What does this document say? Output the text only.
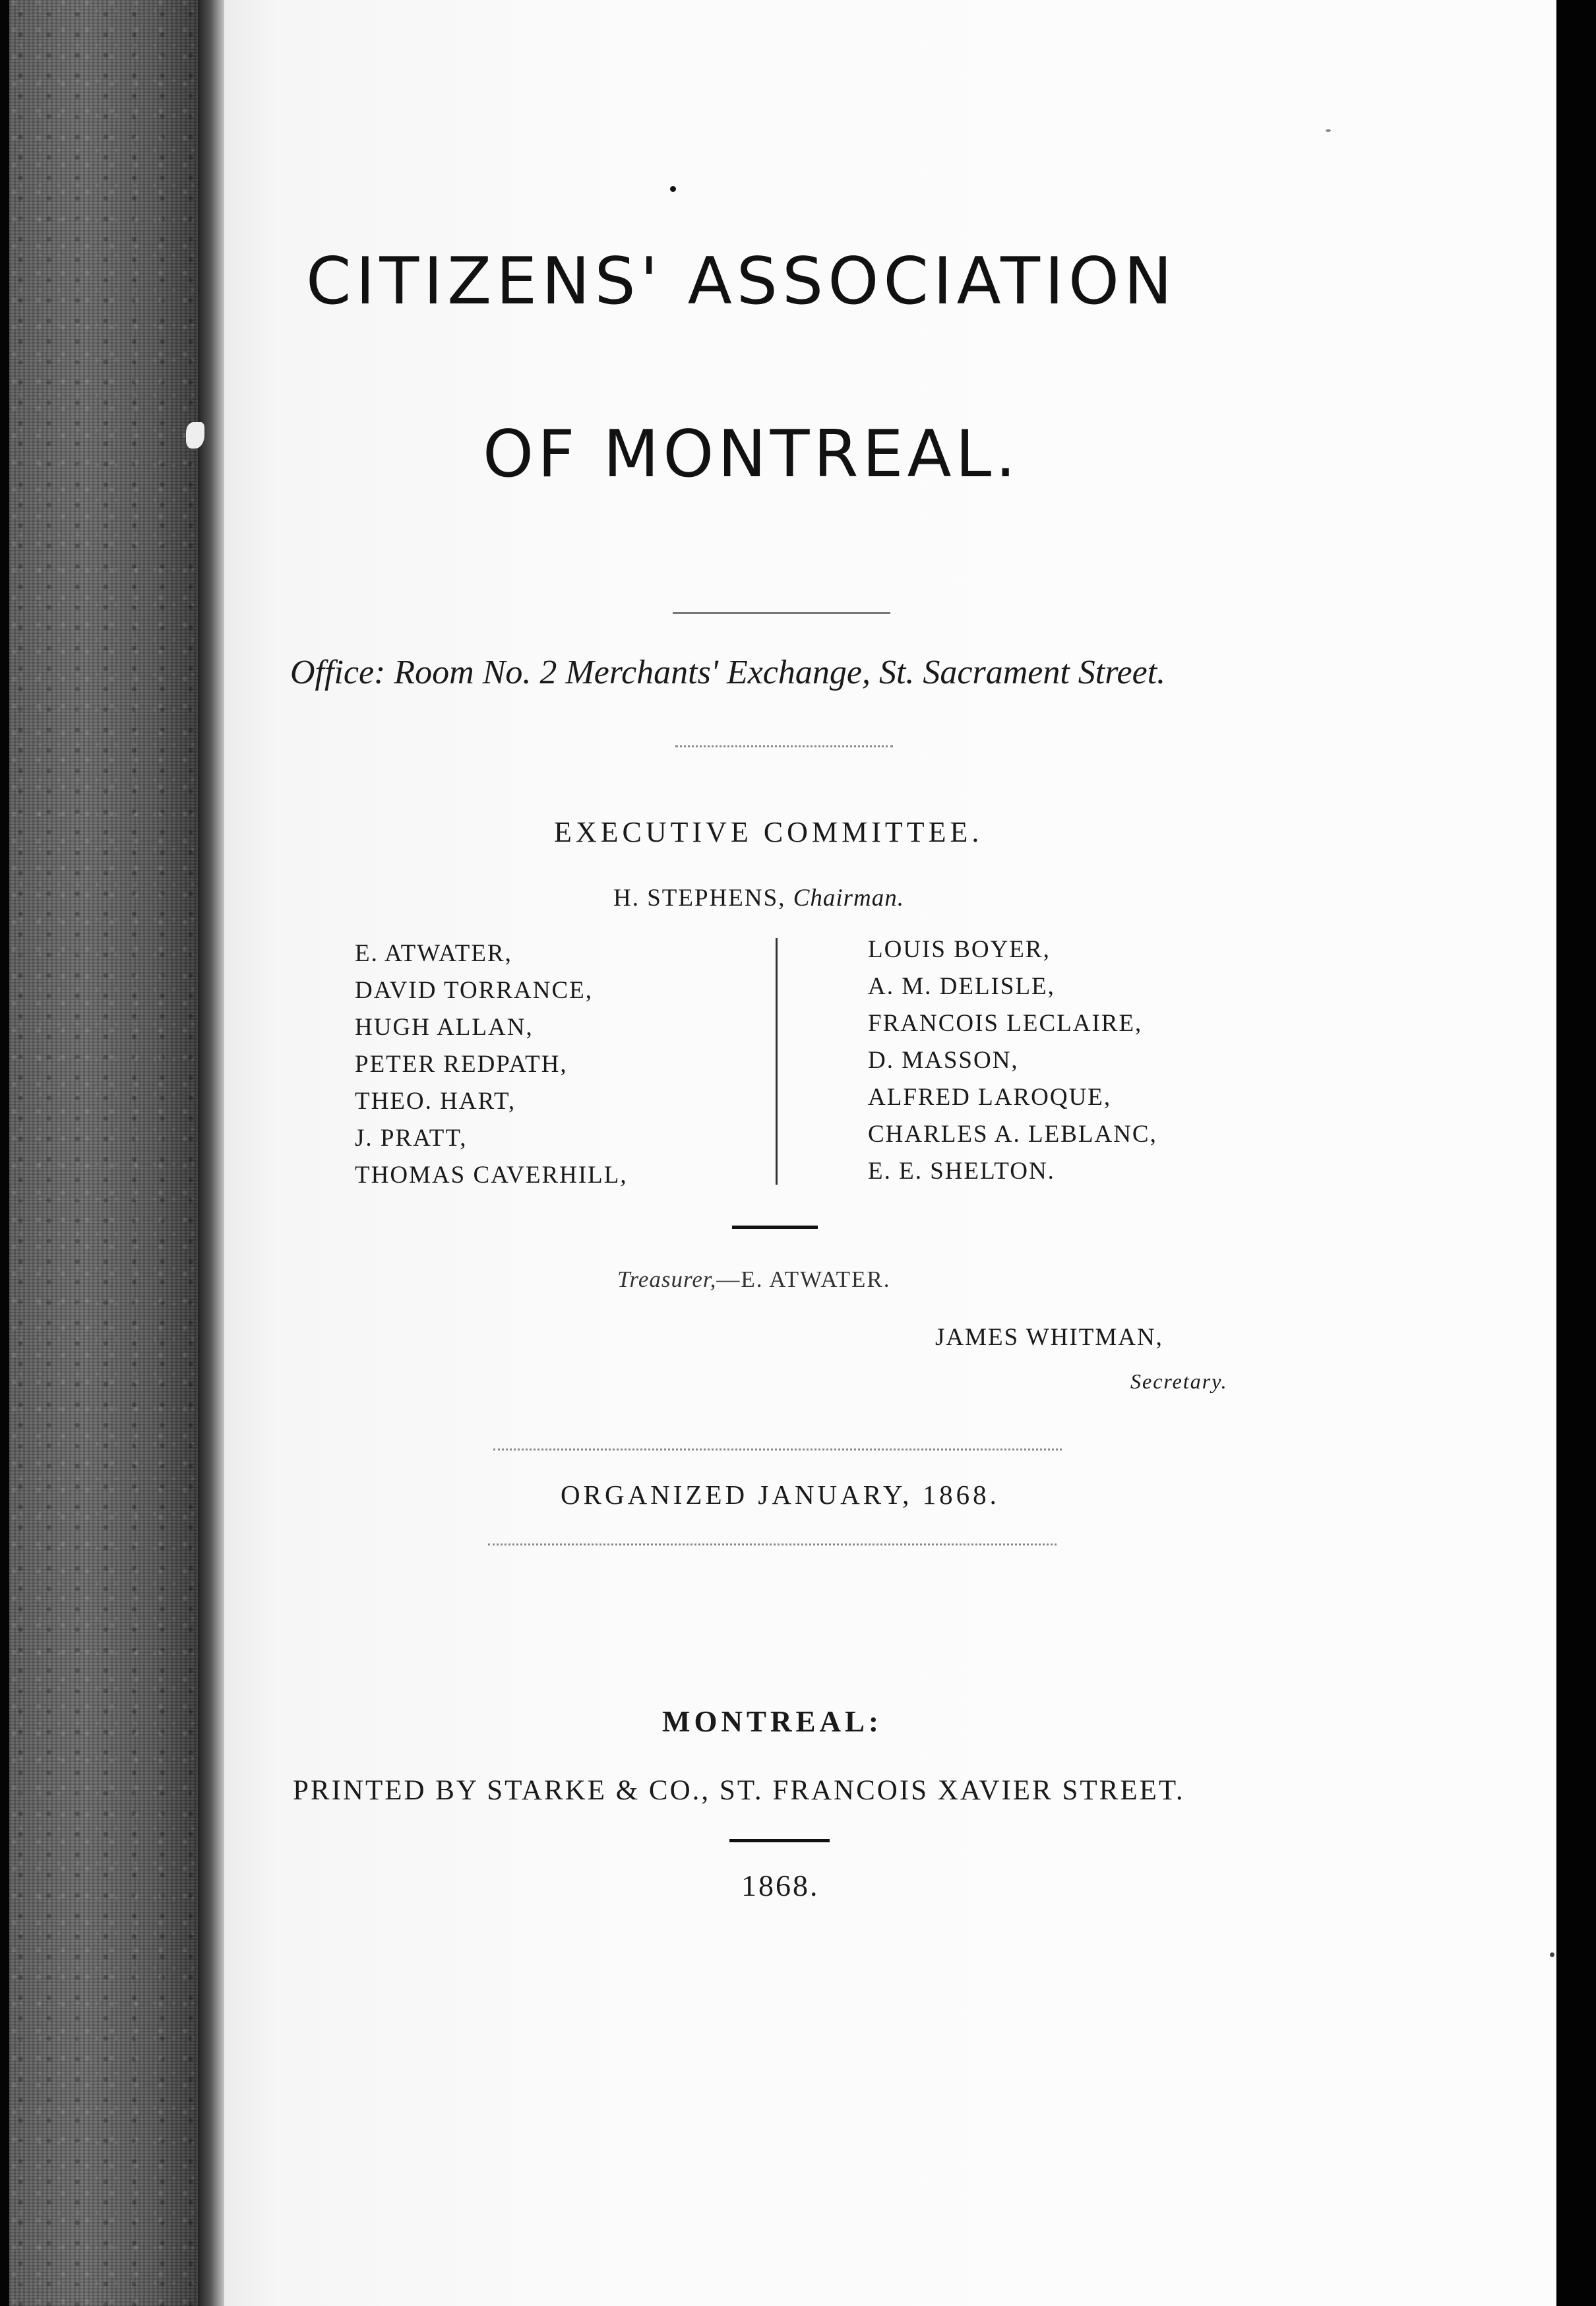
CITIZENS' ASSOCIATION
OF MONTREAL.
Office: Room No. 2 Merchants' Exchange, St. Sacrament Street.
EXECUTIVE COMMITTEE.
H. STEPHENS, Chairman.
E. ATWATER,
DAVID TORRANCE,
HUGH ALLAN,
PETER REDPATH,
THEO. HART,
J. PRATT,
THOMAS CAVERHILL,
LOUIS BOYER,
A. M. DELISLE,
FRANCOIS LECLAIRE,
D. MASSON,
ALFRED LAROQUE,
CHARLES A. LEBLANC,
E. E. SHELTON.
Treasurer,—E. ATWATER.
JAMES WHITMAN,
Secretary.
ORGANIZED JANUARY, 1868.
MONTREAL:
PRINTED BY STARKE & CO., ST. FRANCOIS XAVIER STREET.
1868.
